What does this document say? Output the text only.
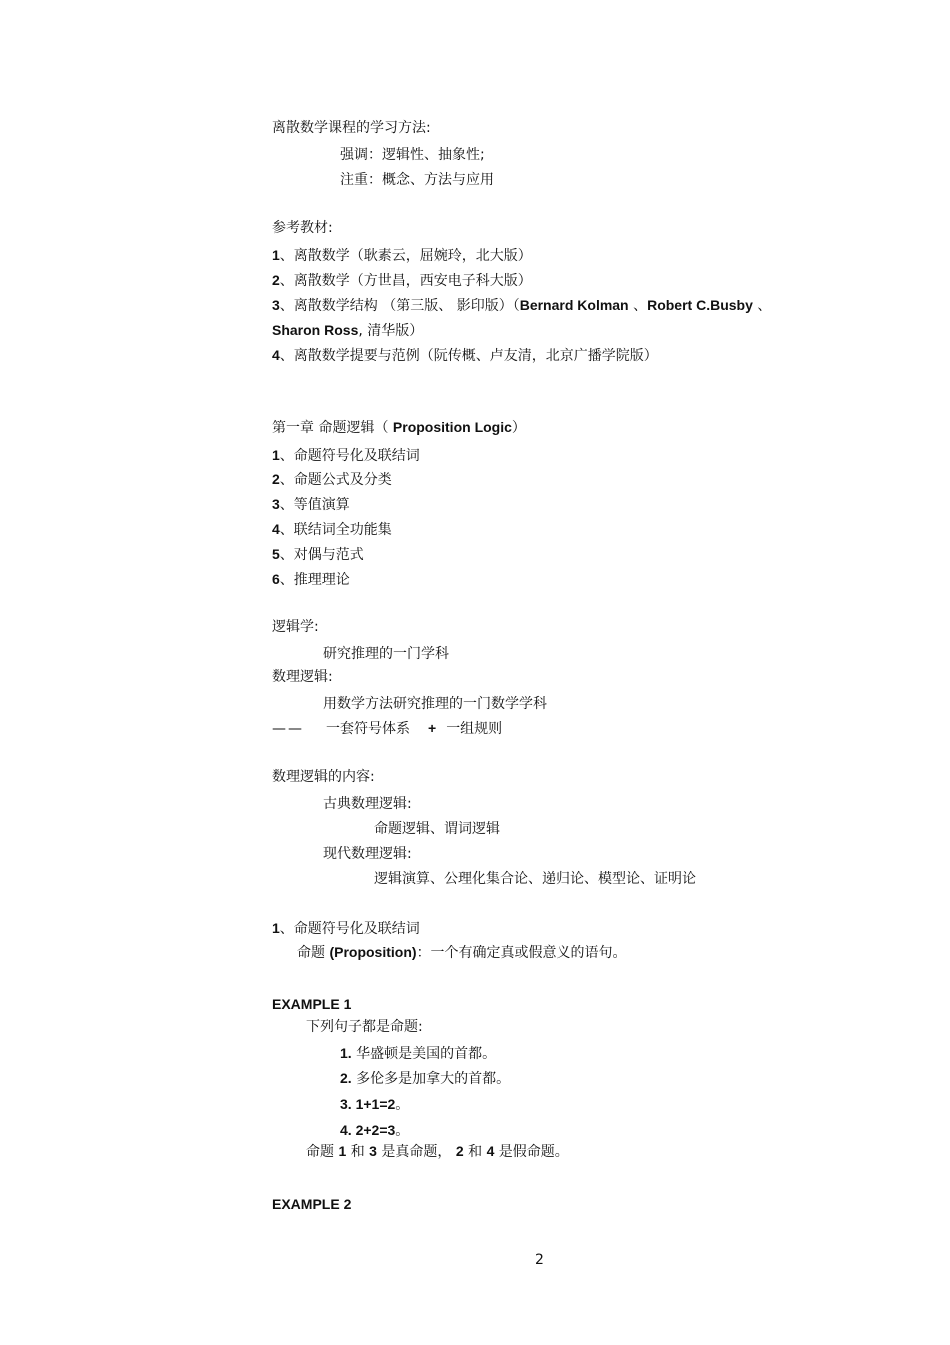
离散数学课程的学习方法:
强调：逻辑性、抽象性;
注重：概念、方法与应用
参考教材:
1、离散数学（耿素云，屈婉玲，北大版）
2、离散数学（方世昌，西安电子科大版）
3、离散数学结构 （第三版、 影印版）（Bernard Kolman 、Robert C.Busby 、
Sharon Ross, 清华版）
4、离散数学提要与范例（阮传概、卢友清，北京广播学院版）
第一章 命题逻辑（ Proposition Logic）
1、命题符号化及联结词
2、命题公式及分类
3、等值演算
4、联结词全功能集
5、对偶与范式
6、推理理论
逻辑学:
研究推理的一门学科
数理逻辑:
用数学方法研究推理的一门数学学科
—— 一套符号体系 + 一组规则
数理逻辑的内容:
古典数理逻辑:
命题逻辑、谓词逻辑
现代数理逻辑:
逻辑演算、公理化集合论、递归论、模型论、证明论
1、命题符号化及联结词
命题 (Proposition)：一个有确定真或假意义的语句。
EXAMPLE 1
下列句子都是命题:
1. 华盛顿是美国的首都。
2. 多伦多是加拿大的首都。
3. 1+1=2。
4. 2+2=3。
命题 1 和 3 是真命题， 2 和 4 是假命题。
EXAMPLE 2
2
